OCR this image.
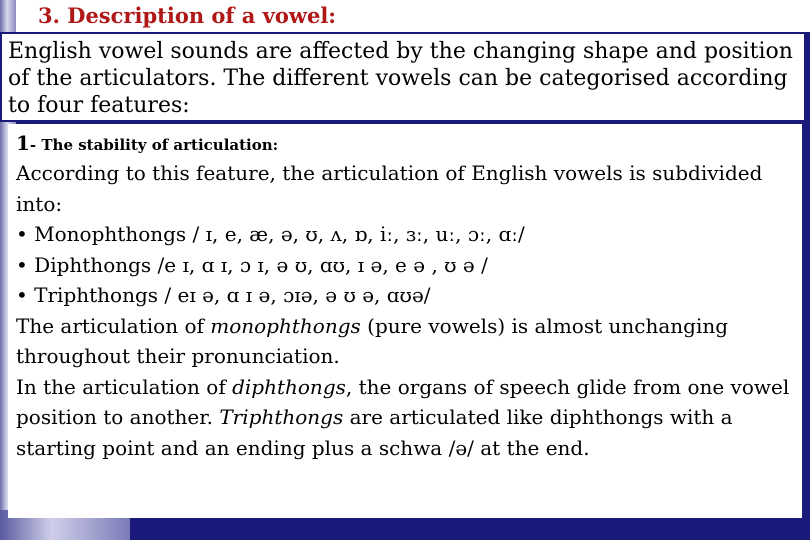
3. Description of a vowel:

English vowel sounds are affected by the changing shape and position of the articulators. The different vowels can be categorised according to four features:

1- The stability of articulation:

According to this feature, the articulation of English vowels is subdivided into:

• Monophthongs / ɪ, e, æ, ə, ʊ, ʌ, ɒ, iː, ɜː, uː, ɔː, ɑː/

• Diphthongs /e ɪ, ɑ ɪ, ɔ ɪ, ə ʊ, ɑʊ, ɪ ə, e ə , ʊ ə /

• Triphthongs / eɪ ə, ɑ ɪ ə, ɔɪə, ə ʊ ə, ɑʊə/

The articulation of monophthongs (pure vowels) is almost unchanging throughout their pronunciation.

In the articulation of diphthongs, the organs of speech glide from one vowel position to another. Triphthongs are articulated like diphthongs with a starting point and an ending plus a schwa /ə/ at the end.
